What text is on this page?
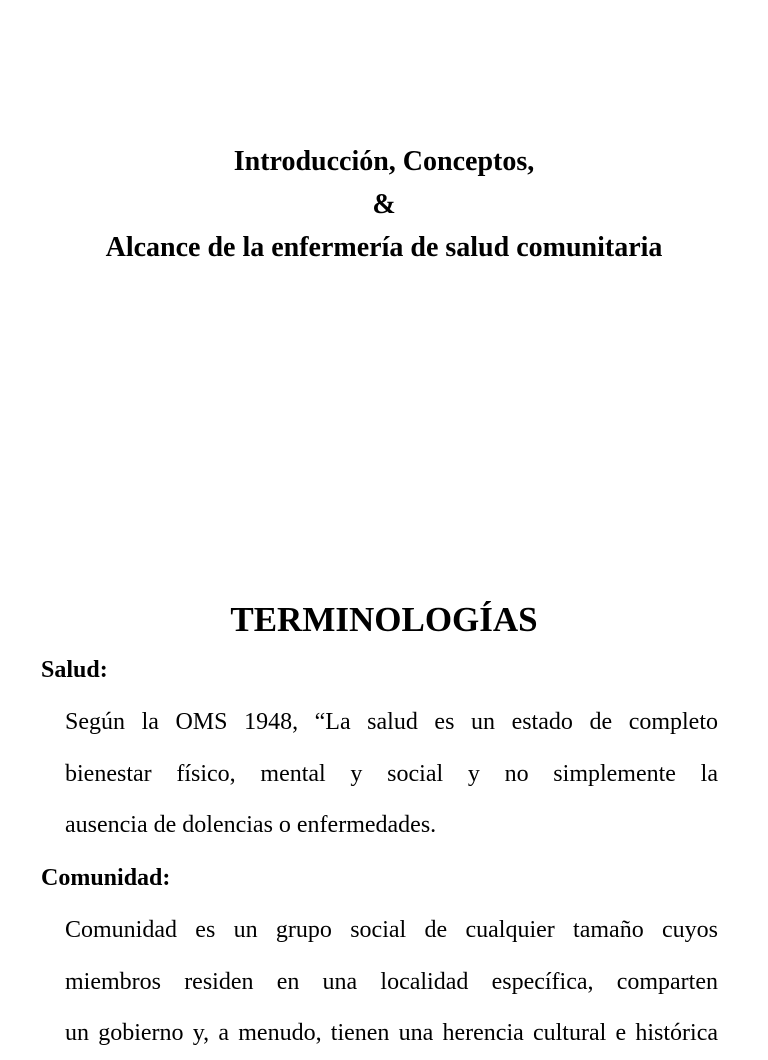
Introducción, Conceptos,
&
Alcance de la enfermería de salud comunitaria
TERMINOLOGÍAS
Salud:
Según la OMS 1948, “La salud es un estado de completo
bienestar físico, mental y social y no simplemente la
ausencia de dolencias o enfermedades.
Comunidad:
Comunidad es un grupo social de cualquier tamaño cuyos
miembros residen en una localidad específica, comparten
un gobierno y, a menudo, tienen una herencia cultural e histórica
